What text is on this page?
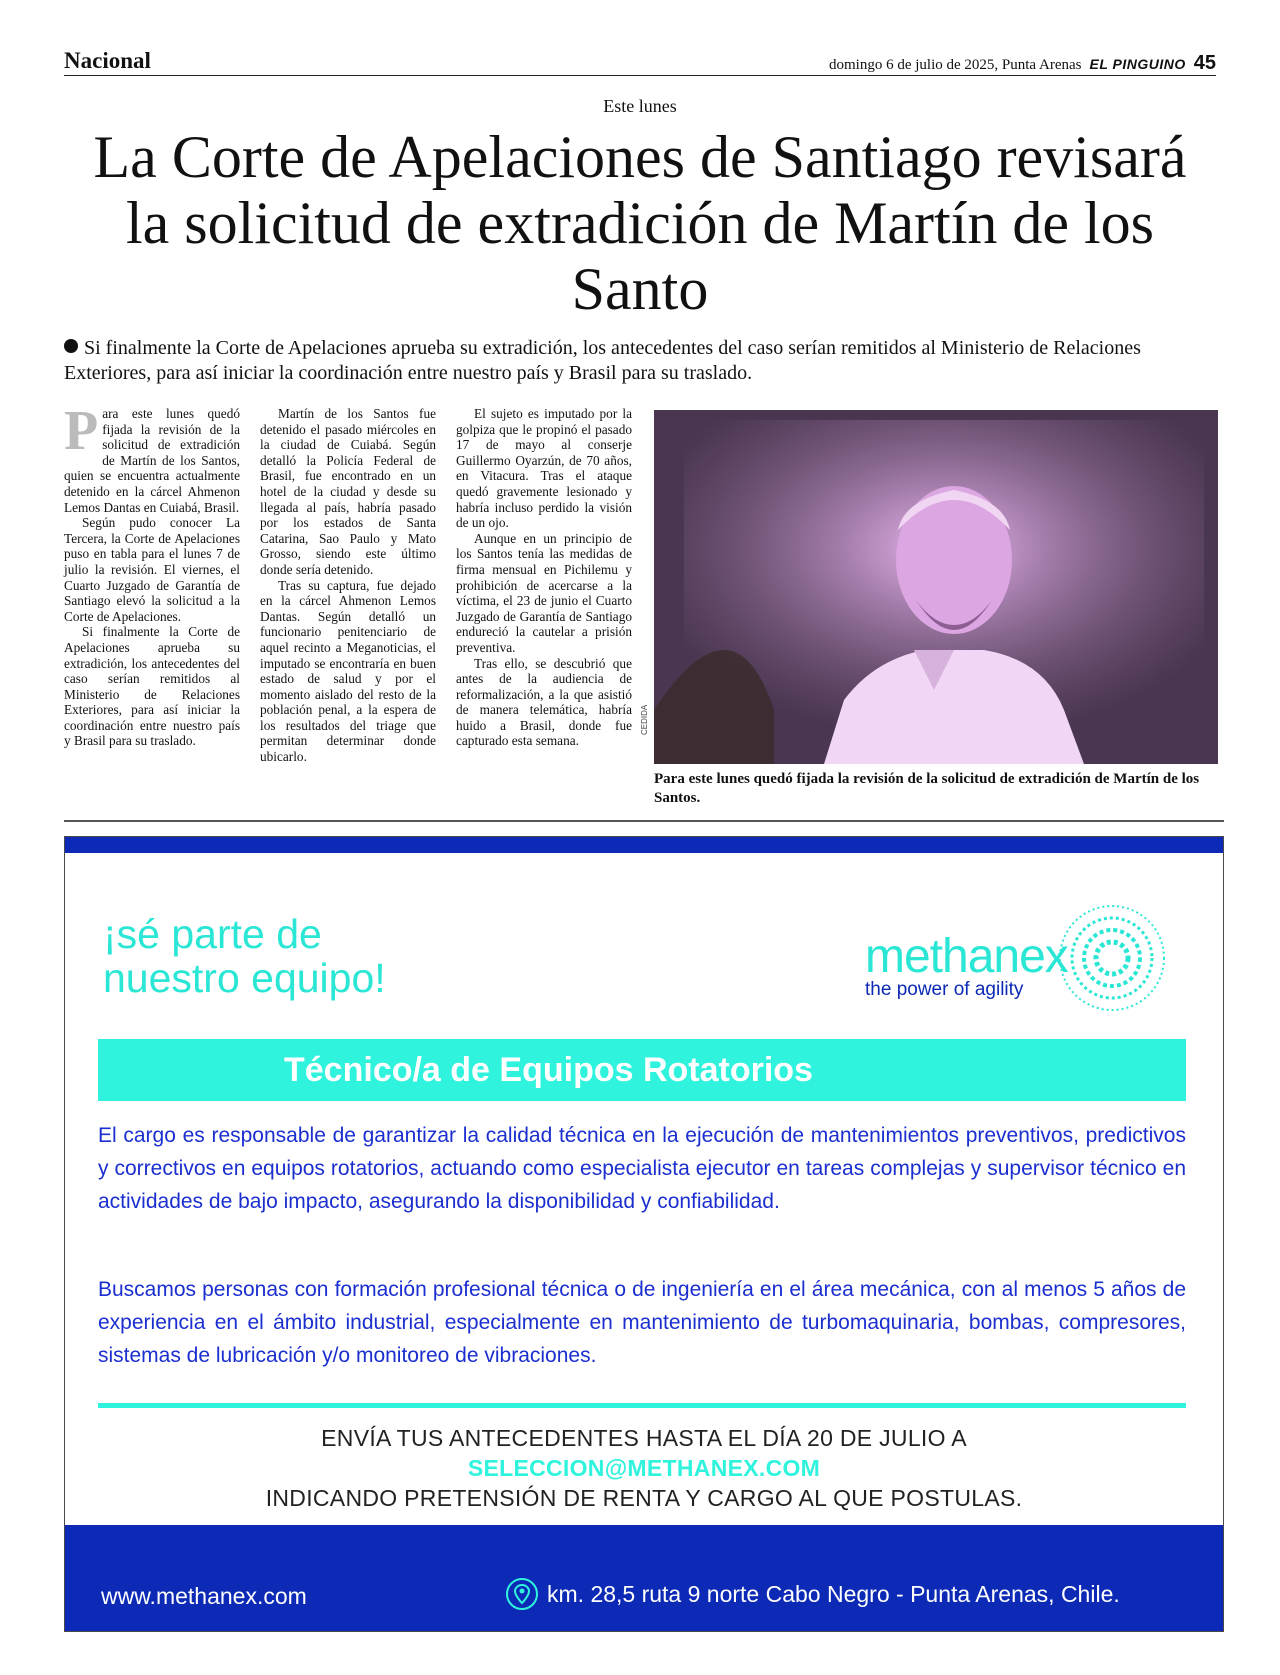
Nacional	domingo 6 de julio de 2025, Punta Arenas EL PINGUINO 45
Este lunes
La Corte de Apelaciones de Santiago revisará la solicitud de extradición de Martín de los Santo
Si finalmente la Corte de Apelaciones aprueba su extradición, los antecedentes del caso serían remitidos al Ministerio de Relaciones Exteriores, para así iniciar la coordinación entre nuestro país y Brasil para su traslado.

Para este lunes quedó fijada la revisión de la solicitud de extradición de Martín de los Santos, quien se encuentra actualmente detenido en la cárcel Ahmenon Lemos Dantas en Cuiabá, Brasil.

Según pudo conocer La Tercera, la Corte de Apelaciones puso en tabla para el lunes 7 de julio la revisión. El viernes, el Cuarto Juzgado de Garantía de Santiago elevó la solicitud a la Corte de Apelaciones.

Si finalmente la Corte de Apelaciones aprueba su extradición, los antecedentes del caso serían remitidos al Ministerio de Relaciones Exteriores, para así iniciar la coordinación entre nuestro país y Brasil para su traslado.

Martín de los Santos fue detenido el pasado miércoles en la ciudad de Cuiabá. Según detalló la Policía Federal de Brasil, fue encontrado en un hotel de la ciudad y desde su llegada al país, habría pasado por los estados de Santa Catarina, Sao Paulo y Mato Grosso, siendo este último donde sería detenido.

Tras su captura, fue dejado en la cárcel Ahmenon Lemos Dantas. Según detalló un funcionario penitenciario de aquel recinto a Meganoticias, el imputado se encontraría en buen estado de salud y por el momento aislado del resto de la población penal, a la espera de los resultados del triage que permitan determinar donde ubicarlo.

El sujeto es imputado por la golpiza que le propinó el pasado 17 de mayo al conserje Guillermo Oyarzún, de 70 años, en Vitacura. Tras el ataque quedó gravemente lesionado y habría incluso perdido la visión de un ojo.

Aunque en un principio de los Santos tenía las medidas de firma mensual en Pichilemu y prohibición de acercarse a la víctima, el 23 de junio el Cuarto Juzgado de Garantía de Santiago endureció la cautelar a prisión preventiva.

Tras ello, se descubrió que antes de la audiencia de reformalización, a la que asistió de manera telemática, habría huido a Brasil, donde fue capturado esta semana.

CEDIDA
Para este lunes quedó fijada la revisión de la solicitud de extradición de Martín de los Santos.
¡sé parte de
nuestro equipo!	methanex
the power of agility
Técnico/a de Equipos Rotatorios
El cargo es responsable de garantizar la calidad técnica en la ejecución de mantenimientos preventivos, predictivos y correctivos en equipos rotatorios, actuando como especialista ejecutor en tareas complejas y supervisor técnico en actividades de bajo impacto, asegurando la disponibilidad y confiabilidad.
Buscamos personas con formación profesional técnica o de ingeniería en el área mecánica, con al menos 5 años de experiencia en el ámbito industrial, especialmente en mantenimiento de turbomaquinaria, bombas, compresores, sistemas de lubricación y/o monitoreo de vibraciones.
ENVÍA TUS ANTECEDENTES HASTA EL DÍA 20 DE JULIO A
SELECCION@METHANEX.COM
INDICANDO PRETENSIÓN DE RENTA Y CARGO AL QUE POSTULAS.
www.methanex.com	km. 28,5 ruta 9 norte Cabo Negro - Punta Arenas, Chile.
